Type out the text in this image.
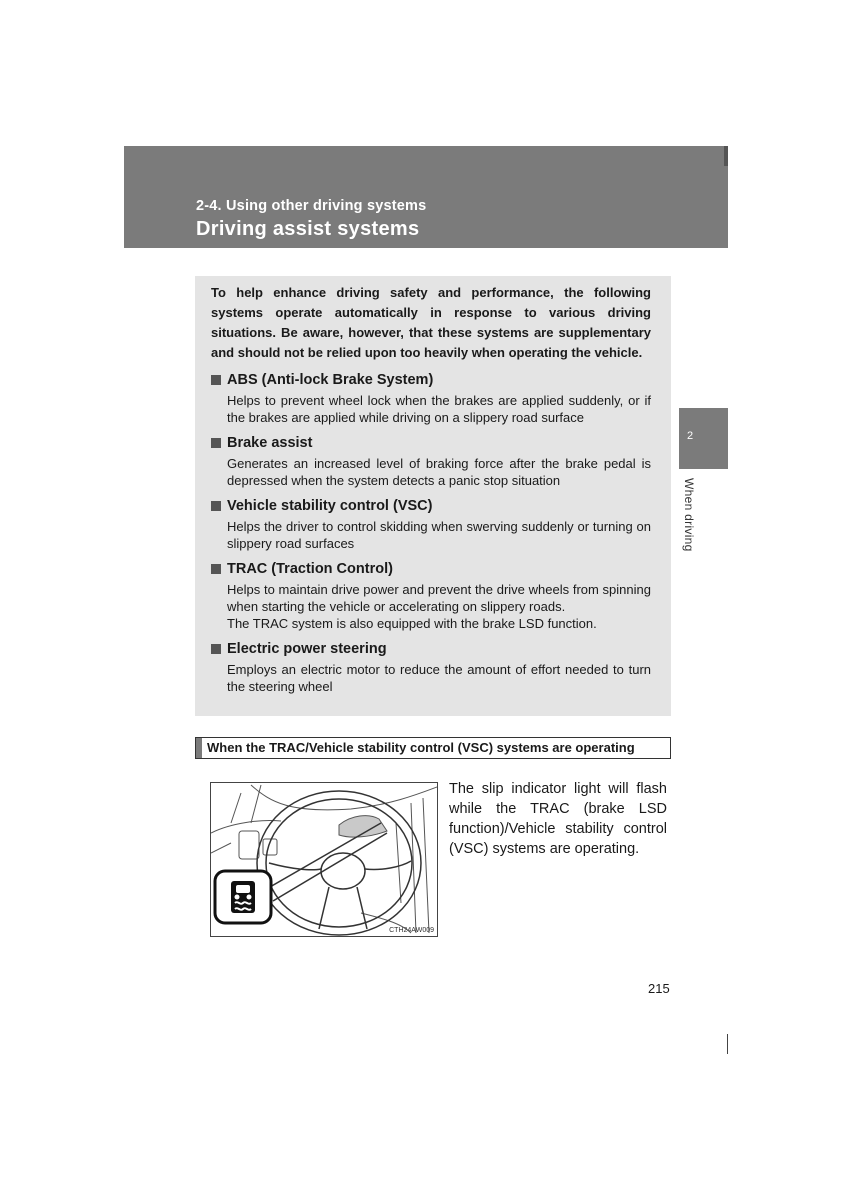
2-4. Using other driving systems
Driving assist systems
2
When driving

To help enhance driving safety and performance, the following systems operate automatically in response to various driving situations. Be aware, however, that these systems are supplementary and should not be relied upon too heavily when operating the vehicle.

ABS (Anti-lock Brake System)
Helps to prevent wheel lock when the brakes are applied suddenly, or if the brakes are applied while driving on a slippery road surface
Brake assist
Generates an increased level of braking force after the brake pedal is depressed when the system detects a panic stop situation
Vehicle stability control (VSC)
Helps the driver to control skidding when swerving suddenly or turning on slippery road surfaces
TRAC (Traction Control)
Helps to maintain drive power and prevent the drive wheels from spinning when starting the vehicle or accelerating on slippery roads.
The TRAC system is also equipped with the brake LSD function.
Electric power steering
Employs an electric motor to reduce the amount of effort needed to turn the steering wheel
When the TRAC/Vehicle stability control (VSC) systems are operating
CTH24AW009

The slip indicator light will flash while the TRAC (brake LSD function)/Vehicle stability control (VSC) systems are operating.

215
